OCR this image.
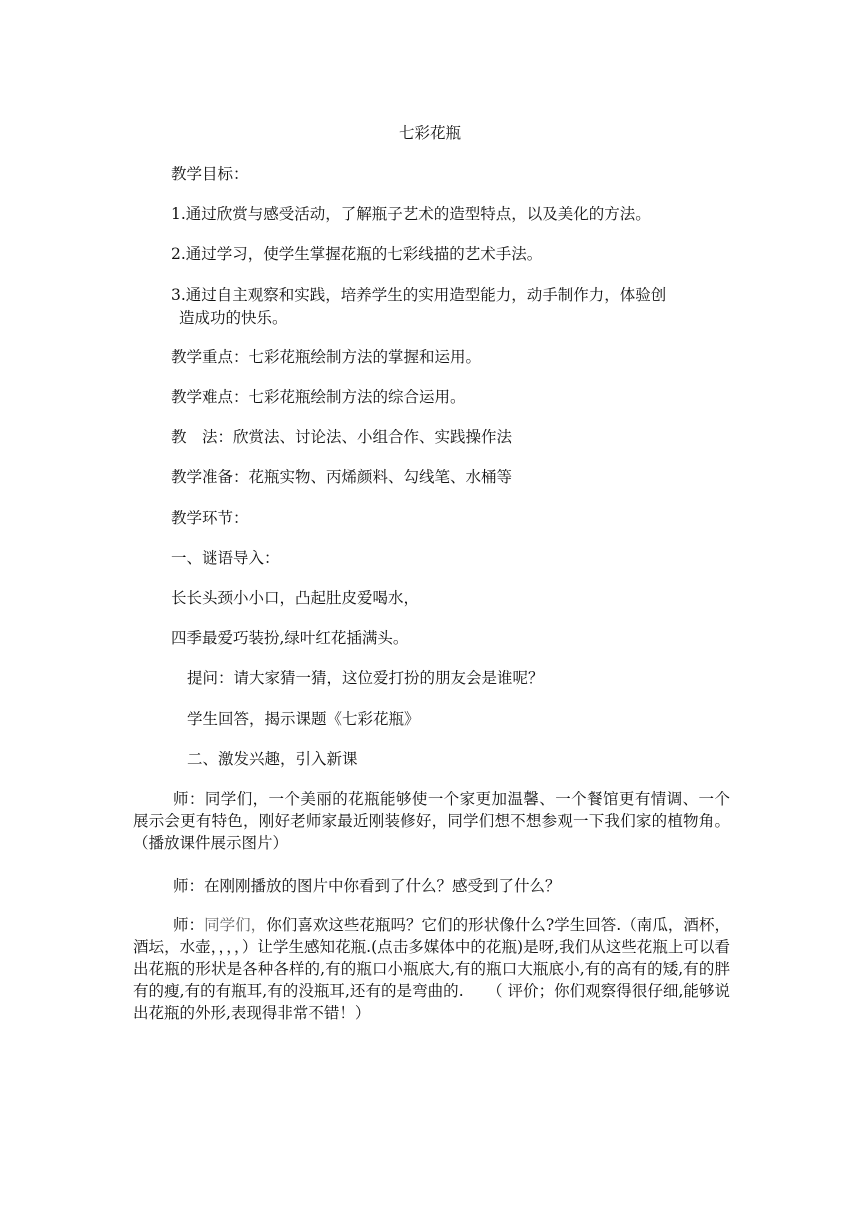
七彩花瓶
教学目标：
1.通过欣赏与感受活动，了解瓶子艺术的造型特点，以及美化的方法。
2.通过学习，使学生掌握花瓶的七彩线描的艺术手法。
3.通过自主观察和实践，培养学生的实用造型能力，动手制作力，体验创
造成功的快乐。
教学重点：七彩花瓶绘制方法的掌握和运用。
教学难点：七彩花瓶绘制方法的综合运用。
教　法：欣赏法、讨论法、小组合作、实践操作法
教学准备：花瓶实物、丙烯颜料、勾线笔、水桶等
教学环节：
一、谜语导入：
长长头颈小小口，凸起肚皮爱喝水，
四季最爱巧装扮,绿叶红花插满头。
提问：请大家猜一猜，这位爱打扮的朋友会是谁呢？
学生回答，揭示课题《七彩花瓶》
二、激发兴趣，引入新课
师：同学们，一个美丽的花瓶能够使一个家更加温馨、一个餐馆更有情调、一个展示会更有特色，刚好老师家最近刚装修好，同学们想不想参观一下我们家的植物角。（播放课件展示图片）
师：在刚刚播放的图片中你看到了什么？感受到了什么？
师：同学们，你们喜欢这些花瓶吗？它们的形状像什么?学生回答.（南瓜，酒杯，酒坛，水壶，，，，）让学生感知花瓶.(点击多媒体中的花瓶)是呀,我们从这些花瓶上可以看出花瓶的形状是各种各样的,有的瓶口小瓶底大,有的瓶口大瓶底小,有的高有的矮,有的胖有的瘦,有的有瓶耳,有的没瓶耳,还有的是弯曲的.　　（ 评价；你们观察得很仔细,能够说出花瓶的外形,表现得非常不错！）
